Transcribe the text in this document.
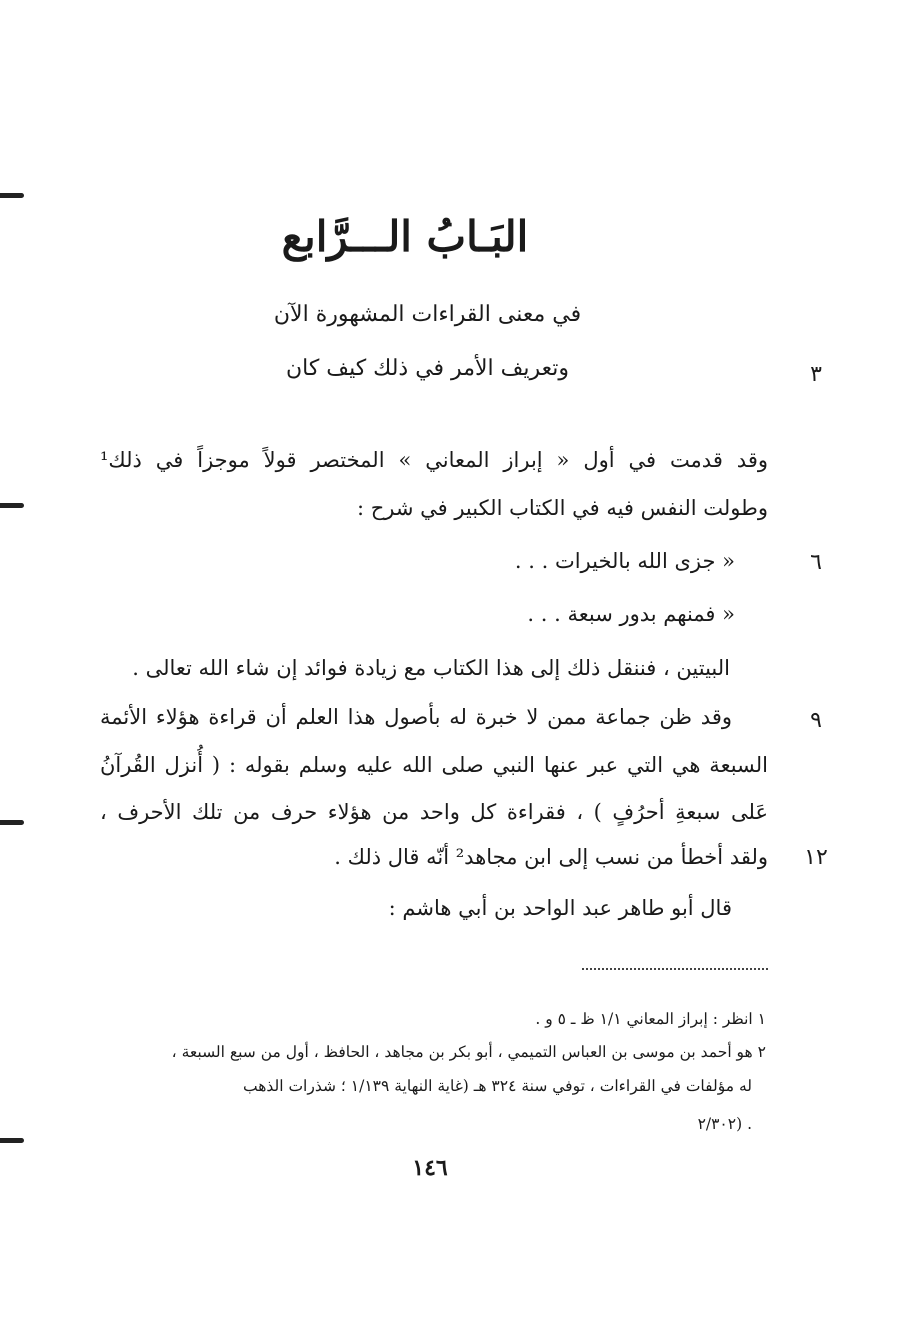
البَـابُ الـــرَّابع
في معنى القراءات المشهورة الآن
وتعريف الأمر في ذلك كيف كان	٣
٦
٩
١٢
وقد قدمت في أول « إبراز المعاني » المختصر قولاً موجزاً في ذلك¹
وطولت النفس فيه في الكتاب الكبير في شرح :
« جزى الله بالخيرات . . .
« فمنهم بدور سبعة . . .
البيتين ، فننقل ذلك إلى هذا الكتاب مع زيادة فوائد إن شاء الله تعالى .
وقد ظن جماعة ممن لا خبرة له بأصول هذا العلم أن قراءة هؤلاء الأئمة
السبعة هي التي عبر عنها النبي صلى الله عليه وسلم بقوله : ( أُنزل القُرآنُ
عَلى سبعةِ أحرُفٍ ) ، فقراءة كل واحد من هؤلاء حرف من تلك الأحرف ،
ولقد أخطأ من نسب إلى ابن مجاهد² أنّه قال ذلك .
قال أبو طاهر عبد الواحد بن أبي هاشم :
١ انظر : إبراز المعاني ١/١ ظ ـ ٥ و .
٢ هو أحمد بن موسى بن العباس التميمي ، أبو بكر بن مجاهد ، الحافظ ، أول من سبع السبعة ،
له مؤلفات في القراءات ، توفي سنة ٣٢٤ هـ (غاية النهاية ١/١٣٩ ؛ شذرات الذهب
٢/٣٠٢) .
١٤٦
